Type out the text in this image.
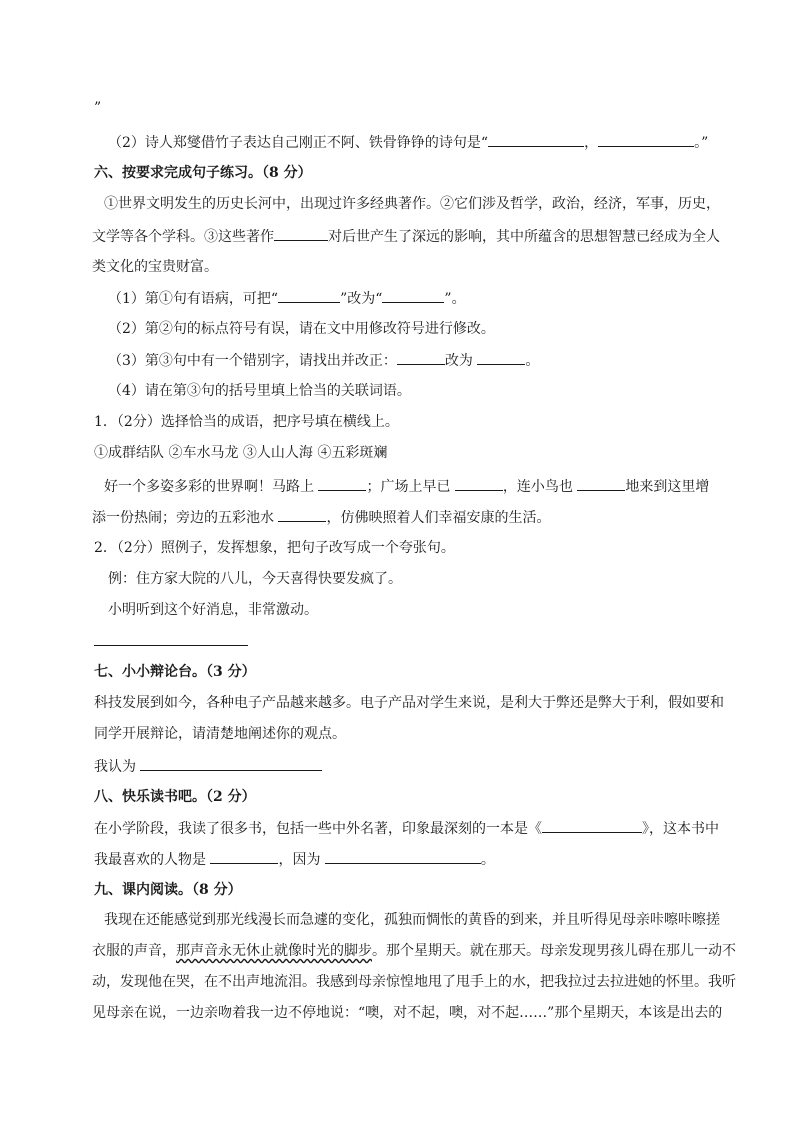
”
（2）诗人郑燮借竹子表达自己刚正不阿、铁骨铮铮的诗句是“	，	。”
六、按要求完成句子练习。（8 分）
①世界文明发生的历史长河中，出现过许多经典著作。②它们涉及哲学，政治，经济，军事，历史，
文学等各个学科。③这些著作	对后世产生了深远的影响，其中所蕴含的思想智慧已经成为全人
类文化的宝贵财富。
（1）第①句有语病，可把“	”改为“	”。
（2）第②句的标点符号有误，请在文中用修改符号进行修改。
（3）第③句中有一个错别字，请找出并改正：	改为	。
（4）请在第③句的括号里填上恰当的关联词语。
1．（2分）选择恰当的成语，把序号填在横线上。
①成群结队 ②车水马龙 ③人山人海 ④五彩斑斓
好一个多姿多彩的世界啊！马路上	；广场上早已	，连小鸟也	地来到这里增
添一份热闹；旁边的五彩池水	，仿佛映照着人们幸福安康的生活。
2．（2分）照例子，发挥想象，把句子改写成一个夸张句。
例：住方家大院的八儿，今天喜得快要发疯了。
小明听到这个好消息，非常激动。
七、小小辩论台。（3 分）
科技发展到如今，各种电子产品越来越多。电子产品对学生来说，是利大于弊还是弊大于利，假如要和
同学开展辩论，请清楚地阐述你的观点。
我认为
八、快乐读书吧。（2 分）
在小学阶段，我读了很多书，包括一些中外名著，印象最深刻的一本是《	》，这本书中
我最喜欢的人物是	，因为	。
九、课内阅读。（8 分）
我现在还能感觉到那光线漫长而急遽的变化，孤独而惆怅的黄昏的到来，并且听得见母亲咔嚓咔嚓搓
衣服的声音，那声音永无休止就像时光的脚步。那个星期天。就在那天。母亲发现男孩儿碍在那儿一动不
动，发现他在哭，在不出声地流泪。我感到母亲惊惶地甩了甩手上的水，把我拉过去拉进她的怀里。我听
见母亲在说，一边亲吻着我一边不停地说：“噢，对不起，噢，对不起……”那个星期天，本该是出去的
